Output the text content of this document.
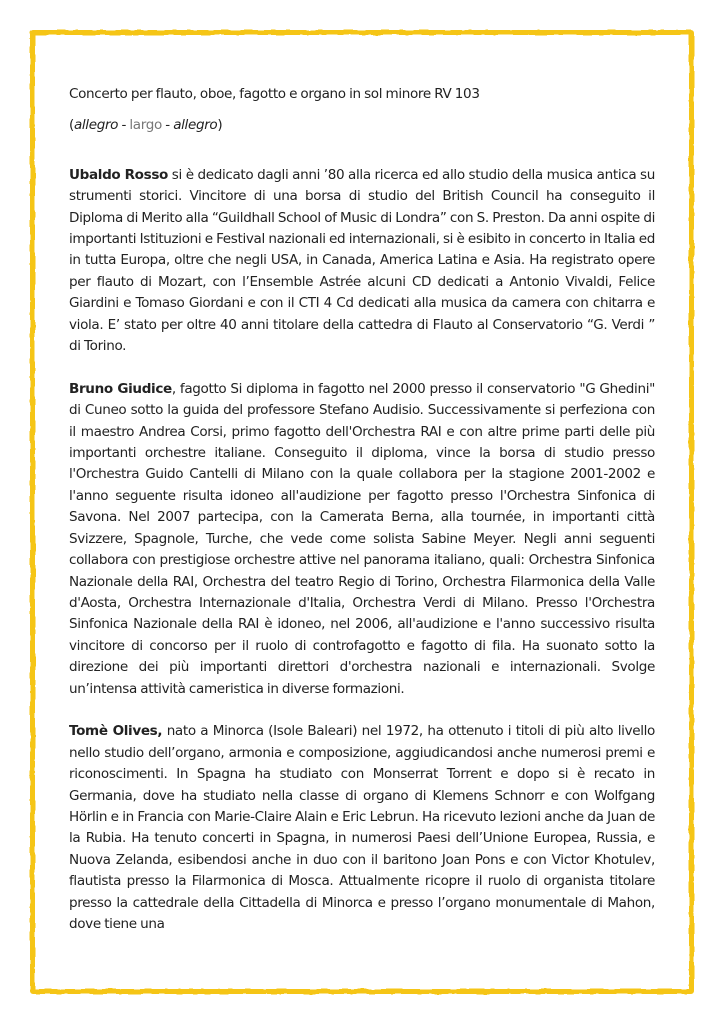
Concerto per flauto, oboe, fagotto e organo in sol minore RV 103

(allegro - largo - allegro)

Ubaldo Rosso si è dedicato dagli anni ’80 alla ricerca ed allo studio della musica antica su strumenti storici. Vincitore di una borsa di studio del British Council ha conseguito il Diploma di Merito alla “Guildhall School of Music di Londra” con S. Preston. Da anni ospite di importanti Istituzioni e Festival nazionali ed internazionali, si è esibito in concerto in Italia ed in tutta Europa, oltre che negli USA, in Canada, America Latina e Asia. Ha registrato opere per flauto di Mozart, con l’Ensemble Astrée alcuni CD dedicati a Antonio Vivaldi, Felice Giardini e Tomaso Giordani e con il CTI 4 Cd dedicati alla musica da camera con chitarra e viola. E’ stato per oltre 40 anni titolare della cattedra di Flauto al Conservatorio “G. Verdi ” di Torino.

Bruno Giudice, fagotto Si diploma in fagotto nel 2000 presso il conservatorio "G Ghedini" di Cuneo sotto la guida del professore Stefano Audisio. Successivamente si perfeziona con il maestro Andrea Corsi, primo fagotto dell'Orchestra RAI e con altre prime parti delle più importanti orchestre italiane. Conseguito il diploma, vince la borsa di studio presso l'Orchestra Guido Cantelli di Milano con la quale collabora per la stagione 2001-2002 e l'anno seguente risulta idoneo all'audizione per fagotto presso l'Orchestra Sinfonica di Savona. Nel 2007 partecipa, con la Camerata Berna, alla tournée, in importanti città Svizzere, Spagnole, Turche, che vede come solista Sabine Meyer. Negli anni seguenti collabora con prestigiose orchestre attive nel panorama italiano, quali: Orchestra Sinfonica Nazionale della RAI, Orchestra del teatro Regio di Torino, Orchestra Filarmonica della Valle d'Aosta, Orchestra Internazionale d'Italia, Orchestra Verdi di Milano. Presso l'Orchestra Sinfonica Nazionale della RAI è idoneo, nel 2006, all'audizione e l'anno successivo risulta vincitore di concorso per il ruolo di controfagotto e fagotto di fila. Ha suonato sotto la direzione dei più importanti direttori d'orchestra nazionali e internazionali. Svolge un’intensa attività cameristica in diverse formazioni.

Tomè Olives, nato a Minorca (Isole Baleari) nel 1972, ha ottenuto i titoli di più alto livello nello studio dell’organo, armonia e composizione, aggiudicandosi anche numerosi premi e riconoscimenti. In Spagna ha studiato con Monserrat Torrent e dopo si è recato in Germania, dove ha studiato nella classe di organo di Klemens Schnorr e con Wolfgang Hörlin e in Francia con Marie-Claire Alain e Eric Lebrun. Ha ricevuto lezioni anche da Juan de la Rubia. Ha tenuto concerti in Spagna, in numerosi Paesi dell’Unione Europea, Russia, e Nuova Zelanda, esibendosi anche in duo con il baritono Joan Pons e con Victor Khotulev, flautista presso la Filarmonica di Mosca. Attualmente ricopre il ruolo di organista titolare presso la cattedrale della Cittadella di Minorca e presso l’organo monumentale di Mahon, dove tiene una
